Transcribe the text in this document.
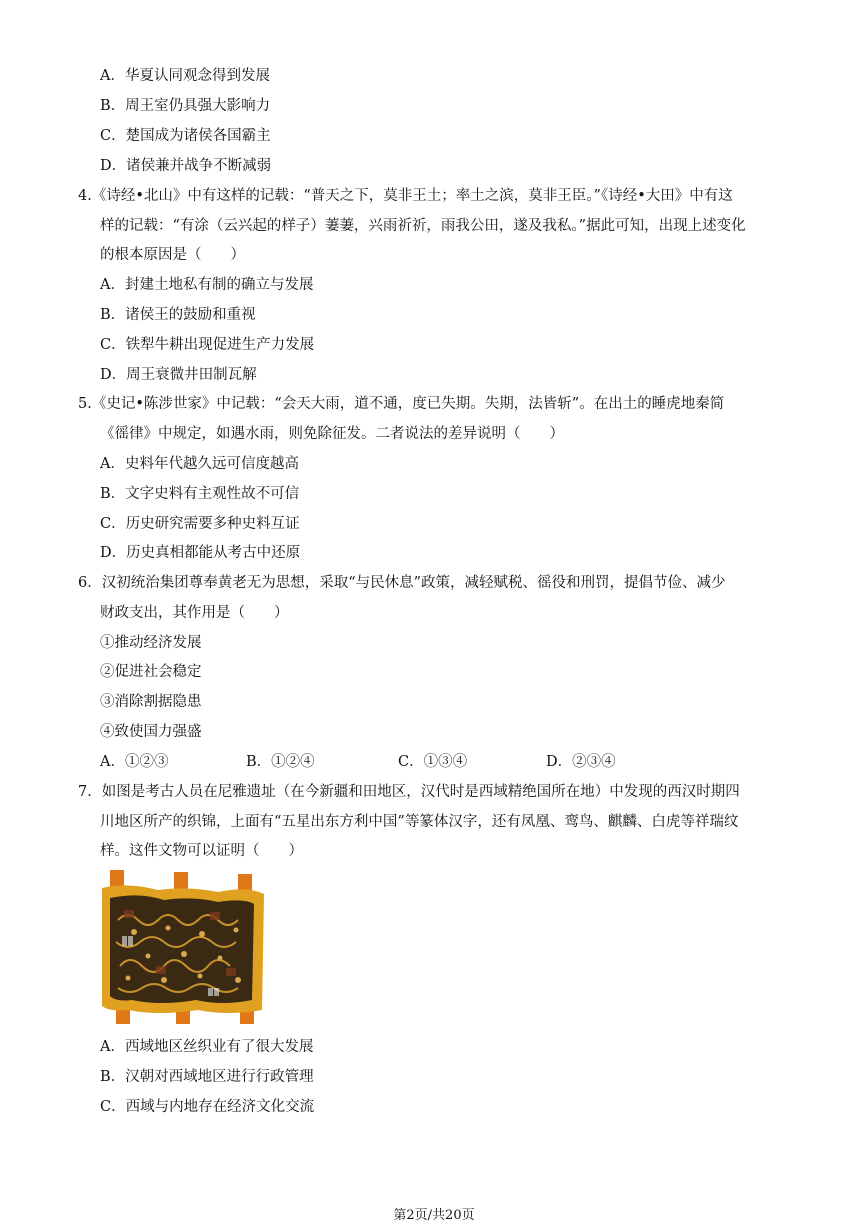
A．华夏认同观念得到发展
B．周王室仍具强大影响力
C．楚国成为诸侯各国霸主
D．诸侯兼并战争不断减弱
4.《诗经•北山》中有这样的记载：“普天之下，莫非王土；率土之滨，莫非王臣。”《诗经•大田》中有这
样的记载：“有涂（云兴起的样子）萋萋，兴雨祈祈，雨我公田，遂及我私。”据此可知，出现上述变化
的根本原因是（　　）
A．封建土地私有制的确立与发展
B．诸侯王的鼓励和重视
C．铁犁牛耕出现促进生产力发展
D．周王衰微井田制瓦解
5.《史记•陈涉世家》中记载：“会天大雨，道不通，度已失期。失期，法皆斩”。在出土的睡虎地秦简
《徭律》中规定，如遇水雨，则免除征发。二者说法的差异说明（　　）
A．史料年代越久远可信度越高
B．文字史料有主观性故不可信
C．历史研究需要多种史料互证
D．历史真相都能从考古中还原
6．汉初统治集团尊奉黄老无为思想，采取“与民休息”政策，减轻赋税、徭役和刑罚，提倡节俭、减少
财政支出，其作用是（　　）
①推动经济发展
②促进社会稳定
③消除割据隐患
④致使国力强盛
A．①②③	B．①②④	C．①③④	D．②③④
7．如图是考古人员在尼雅遗址（在今新疆和田地区，汉代时是西域精绝国所在地）中发现的西汉时期四
川地区所产的织锦，上面有“五星出东方利中国”等篆体汉字，还有凤凰、鸾鸟、麒麟、白虎等祥瑞纹
样。这件文物可以证明（　　）
A．西域地区丝织业有了很大发展
B．汉朝对西域地区进行行政管理
C．西域与内地存在经济文化交流
第2页/共20页
